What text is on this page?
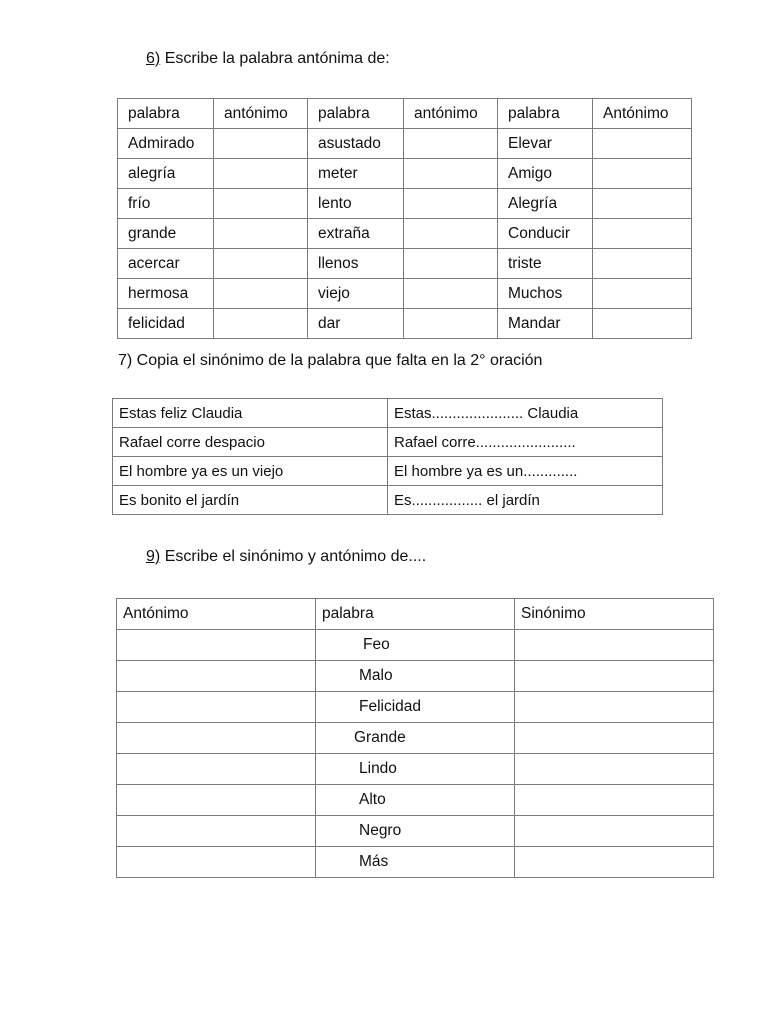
6) Escribe la palabra antónima de:
palabra	antónimo	palabra	antónimo	palabra	Antónimo
Admirado		asustado		Elevar	
alegría		meter		Amigo	
frío		lento		Alegría	
grande		extraña		Conducir	
acercar		llenos		triste	
hermosa		viejo		Muchos	
felicidad		dar		Mandar	
7) Copia el sinónimo de la palabra que falta en la 2° oración
Estas feliz Claudia	Estas...................... Claudia
Rafael corre despacio	Rafael corre........................
El hombre ya es un viejo	El hombre ya es un.............
Es bonito el jardín	Es................. el jardín
9) Escribe el sinónimo y antónimo de....
Antónimo	palabra	Sinónimo
	Feo	
	Malo	
	Felicidad	
	Grande	
	Lindo	
	Alto	
	Negro	
	Más	
